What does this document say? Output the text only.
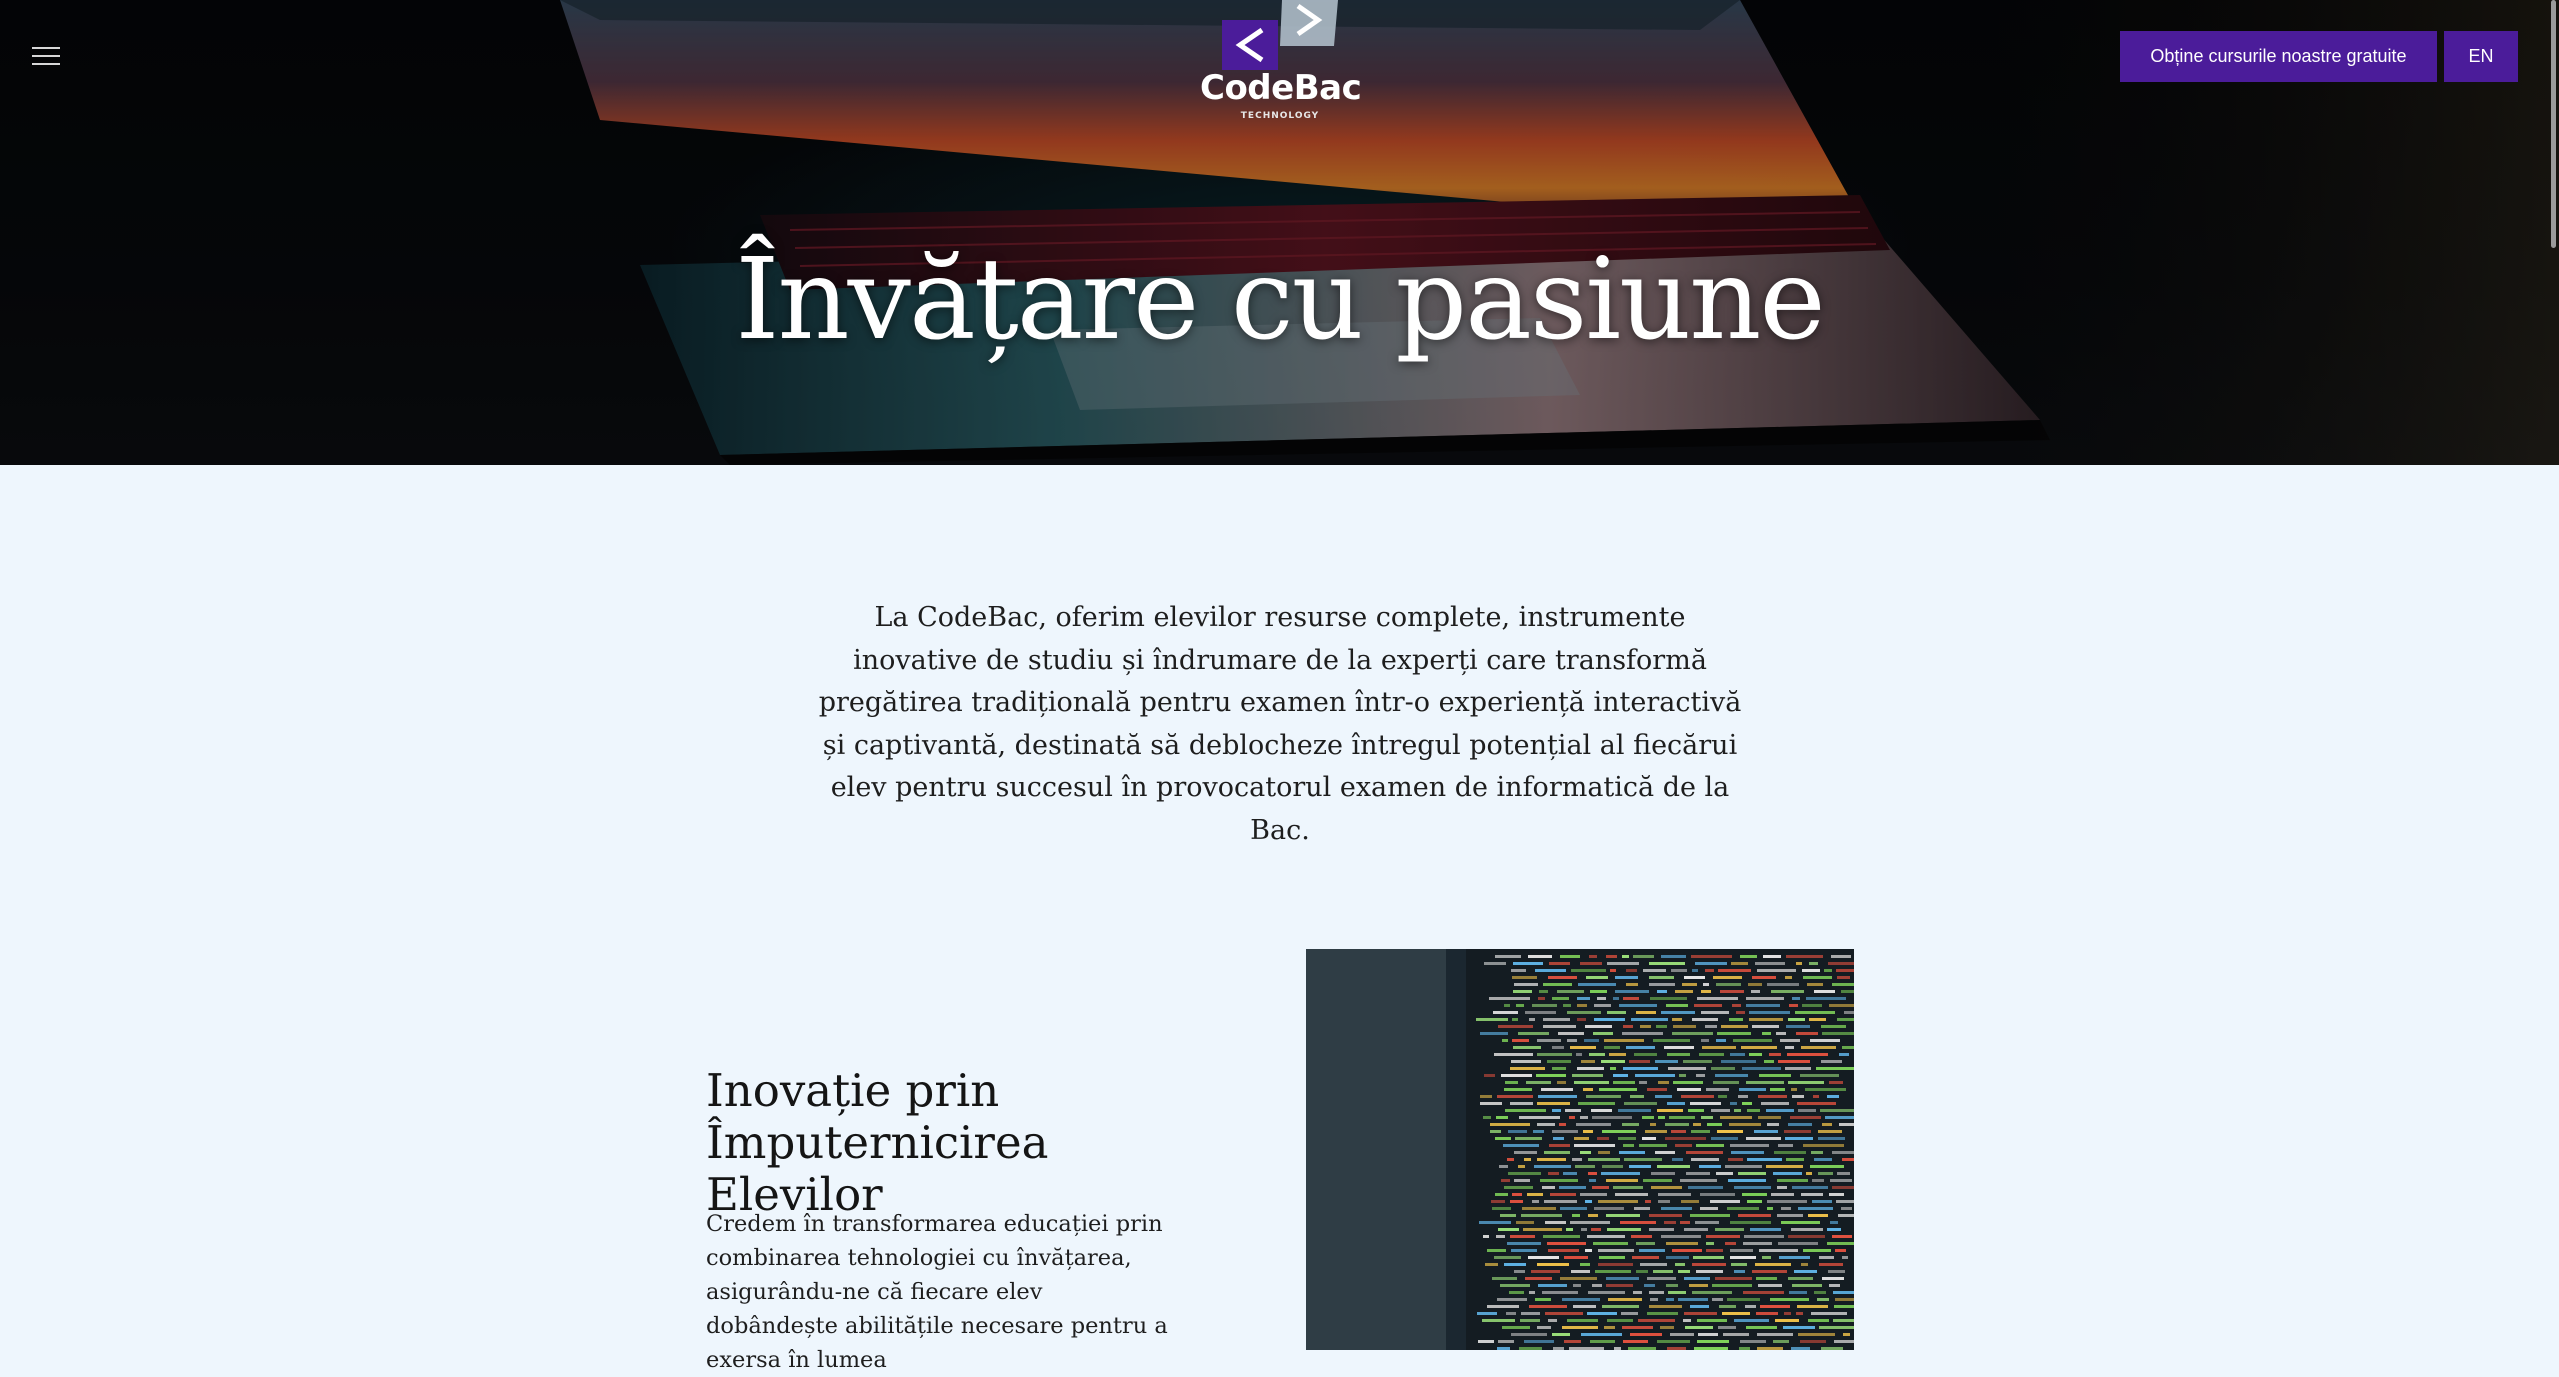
CodeBac
TECHNOLOGY
Obține cursurile noastre gratuite	EN
Învățare cu pasiune

La CodeBac, oferim elevilor resurse complete, instrumente inovative de studiu și îndrumare de la experți care transformă pregătirea tradițională pentru examen într-o experiență interactivă și captivantă, destinată să deblocheze întregul potențial al fiecărui elev pentru succesul în provocatorul examen de informatică de la Bac.

Inovație prin Împuternicirea Elevilor

Credem în transformarea educației prin combinarea tehnologiei cu învățarea, asigurându-ne că fiecare elev dobândește abilitățile necesare pentru a exersa în lumea
